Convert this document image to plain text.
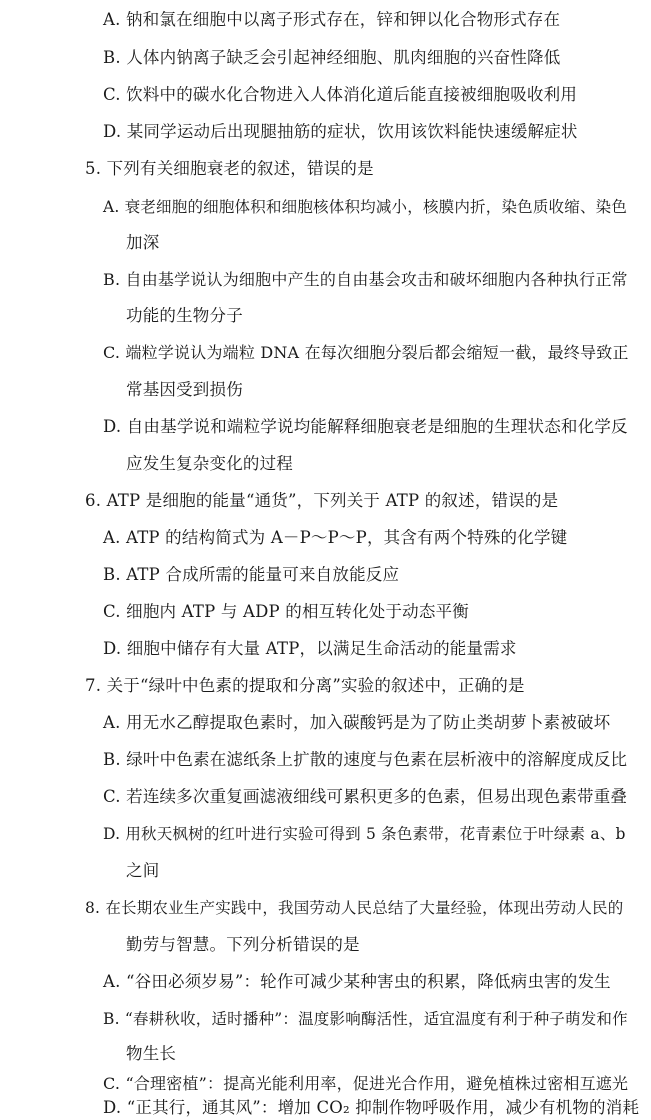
A. 钠和氯在细胞中以离子形式存在，锌和钾以化合物形式存在
B. 人体内钠离子缺乏会引起神经细胞、肌肉细胞的兴奋性降低
C. 饮料中的碳水化合物进入人体消化道后能直接被细胞吸收利用
D. 某同学运动后出现腿抽筋的症状，饮用该饮料能快速缓解症状
5. 下列有关细胞衰老的叙述，错误的是
A. 衰老细胞的细胞体积和细胞核体积均减小，核膜内折，染色质收缩、染色
加深
B. 自由基学说认为细胞中产生的自由基会攻击和破坏细胞内各种执行正常
功能的生物分子
C. 端粒学说认为端粒 DNA 在每次细胞分裂后都会缩短一截，最终导致正
常基因受到损伤
D. 自由基学说和端粒学说均能解释细胞衰老是细胞的生理状态和化学反
应发生复杂变化的过程
6. ATP 是细胞的能量“通货”，下列关于 ATP 的叙述，错误的是
A. ATP 的结构简式为 A－P～P～P，其含有两个特殊的化学键
B. ATP 合成所需的能量可来自放能反应
C. 细胞内 ATP 与 ADP 的相互转化处于动态平衡
D. 细胞中储存有大量 ATP，以满足生命活动的能量需求
7. 关于“绿叶中色素的提取和分离”实验的叙述中，正确的是
A. 用无水乙醇提取色素时，加入碳酸钙是为了防止类胡萝卜素被破坏
B. 绿叶中色素在滤纸条上扩散的速度与色素在层析液中的溶解度成反比
C. 若连续多次重复画滤液细线可累积更多的色素，但易出现色素带重叠
D. 用秋天枫树的红叶进行实验可得到 5 条色素带，花青素位于叶绿素 a、b
之间
8. 在长期农业生产实践中，我国劳动人民总结了大量经验，体现出劳动人民的
勤劳与智慧。下列分析错误的是
A. “谷田必须岁易”：轮作可减少某种害虫的积累，降低病虫害的发生
B. “春耕秋收，适时播种”：温度影响酶活性，适宜温度有利于种子萌发和作
物生长
C. “合理密植”：提高光能利用率，促进光合作用，避免植株过密相互遮光
D. “正其行，通其风”：增加 CO₂ 抑制作物呼吸作用，减少有机物的消耗
